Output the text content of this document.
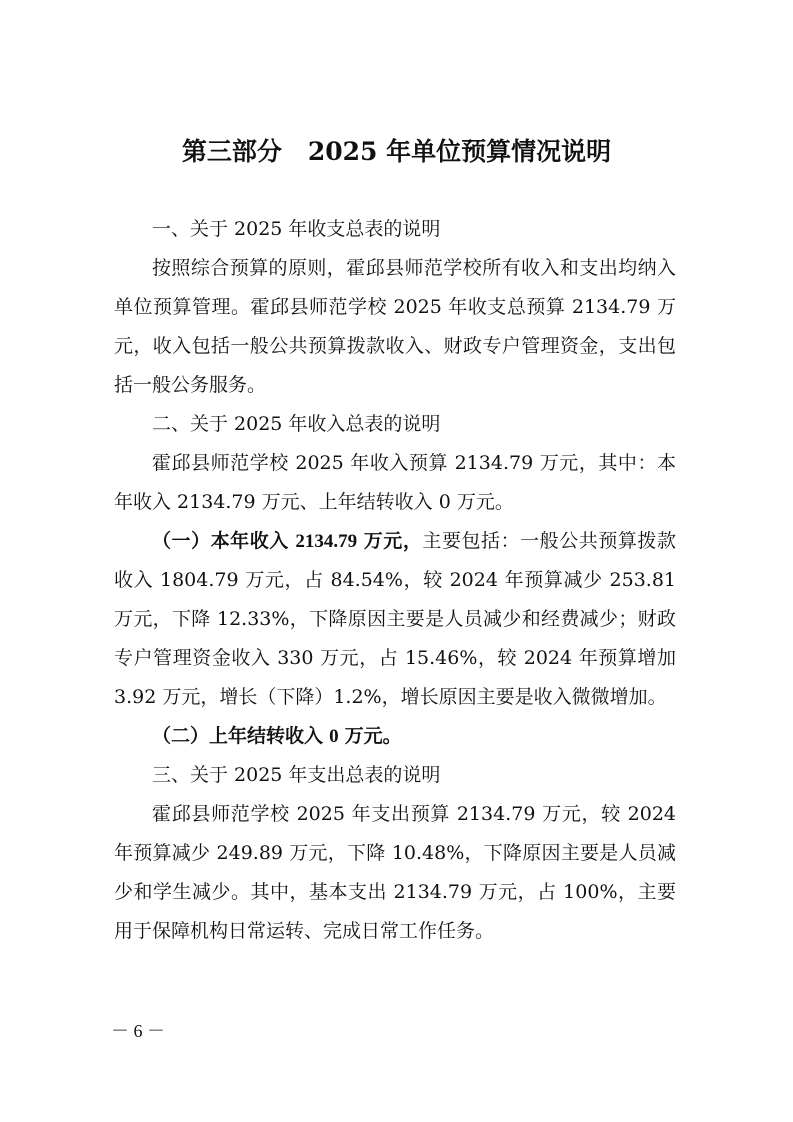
第三部分 2025 年单位预算情况说明

一、关于 2025 年收支总表的说明

按照综合预算的原则，霍邱县师范学校所有收入和支出均纳入单位预算管理。霍邱县师范学校 2025 年收支总预算 2134.79 万元，收入包括一般公共预算拨款收入、财政专户管理资金，支出包括一般公务服务。

二、关于 2025 年收入总表的说明

霍邱县师范学校 2025 年收入预算 2134.79 万元，其中：本年收入 2134.79 万元、上年结转收入 0 万元。

（一）本年收入 2134.79 万元，主要包括：一般公共预算拨款收入 1804.79 万元，占 84.54%，较 2024 年预算减少 253.81 万元，下降 12.33%，下降原因主要是人员减少和经费减少；财政专户管理资金收入 330 万元，占 15.46%，较 2024 年预算增加 3.92 万元，增长（下降）1.2%，增长原因主要是收入微微增加。

（二）上年结转收入 0 万元。

三、关于 2025 年支出总表的说明

霍邱县师范学校 2025 年支出预算 2134.79 万元，较 2024 年预算减少 249.89 万元，下降 10.48%，下降原因主要是人员减少和学生减少。其中，基本支出 2134.79 万元，占 100%，主要用于保障机构日常运转、完成日常工作任务。

－ 6 －
